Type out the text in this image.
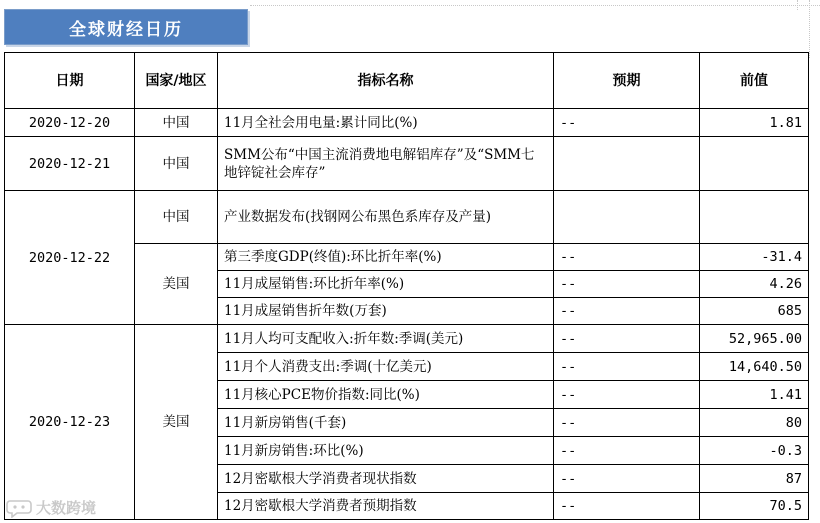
全球财经日历
日期	国家/地区	指标名称	预期	前值
2020-12-20	中国	11月全社会用电量:累计同比(%)	--	1.81
2020-12-21	中国	SMM公布“中国主流消费地电解铝库存”及“SMM七地锌锭社会库存”		
2020-12-22	中国	产业数据发布(找钢网公布黑色系库存及产量)		
	美国	第三季度GDP(终值):环比折年率(%)	--	-31.4
		11月成屋销售:环比折年率(%)	--	4.26
		11月成屋销售折年数(万套)	--	685
2020-12-23	美国	11月人均可支配收入:折年数:季调(美元)	--	52,965.00
		11月个人消费支出:季调(十亿美元)	--	14,640.50
		11月核心PCE物价指数:同比(%)	--	1.41
		11月新房销售(千套)	--	80
		11月新房销售:环比(%)	--	-0.3
		12月密歇根大学消费者现状指数	--	87
		12月密歇根大学消费者预期指数	--	70.5
大数跨境
